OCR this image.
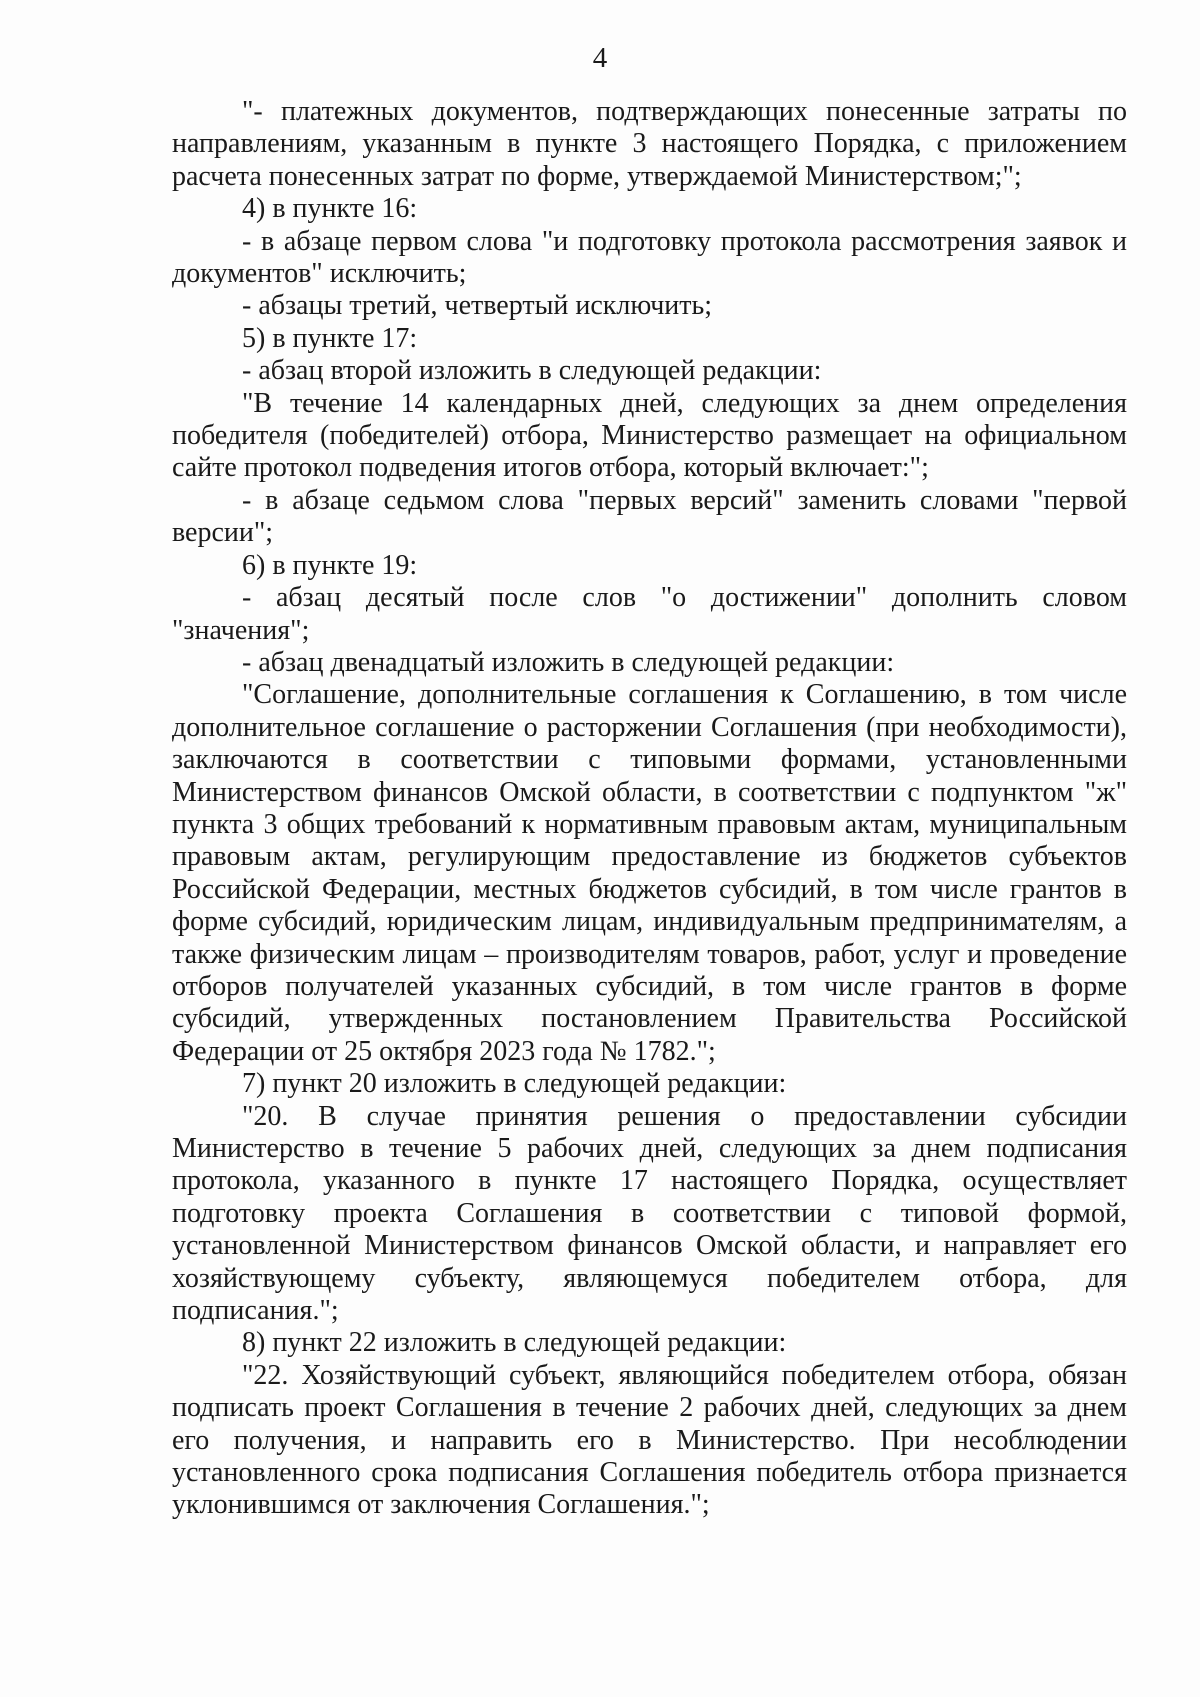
4

"- платежных документов, подтверждающих понесенные затраты по направлениям, указанным в пункте 3 настоящего Порядка, с приложением расчета понесенных затрат по форме, утверждаемой Министерством;";

4) в пункте 16:

- в абзаце первом слова "и подготовку протокола рассмотрения заявок и документов" исключить;

- абзацы третий, четвертый исключить;

5) в пункте 17:

- абзац второй изложить в следующей редакции:

"В течение 14 календарных дней, следующих за днем определения победителя (победителей) отбора, Министерство размещает на официальном сайте протокол подведения итогов отбора, который включает:";

- в абзаце седьмом слова "первых версий" заменить словами "первой версии";

6) в пункте 19:

- абзац десятый после слов "о достижении" дополнить словом "значения";

- абзац двенадцатый изложить в следующей редакции:

"Соглашение, дополнительные соглашения к Соглашению, в том числе дополнительное соглашение о расторжении Соглашения (при необходимости), заключаются в соответствии с типовыми формами, установленными Министерством финансов Омской области, в соответствии с подпунктом "ж" пункта 3 общих требований к нормативным правовым актам, муниципальным правовым актам, регулирующим предоставление из бюджетов субъектов Российской Федерации, местных бюджетов субсидий, в том числе грантов в форме субсидий, юридическим лицам, индивидуальным предпринимателям, а также физическим лицам – производителям товаров, работ, услуг и проведение отборов получателей указанных субсидий, в том числе грантов в форме субсидий, утвержденных постановлением Правительства Российской Федерации от 25 октября 2023 года № 1782.";

7) пункт 20 изложить в следующей редакции:

"20. В случае принятия решения о предоставлении субсидии Министерство в течение 5 рабочих дней, следующих за днем подписания протокола, указанного в пункте 17 настоящего Порядка, осуществляет подготовку проекта Соглашения в соответствии с типовой формой, установленной Министерством финансов Омской области, и направляет его хозяйствующему субъекту, являющемуся победителем отбора, для подписания.";

8) пункт 22 изложить в следующей редакции:

"22. Хозяйствующий субъект, являющийся победителем отбора, обязан подписать проект Соглашения в течение 2 рабочих дней, следующих за днем его получения, и направить его в Министерство. При несоблюдении установленного срока подписания Соглашения победитель отбора признается уклонившимся от заключения Соглашения.";
